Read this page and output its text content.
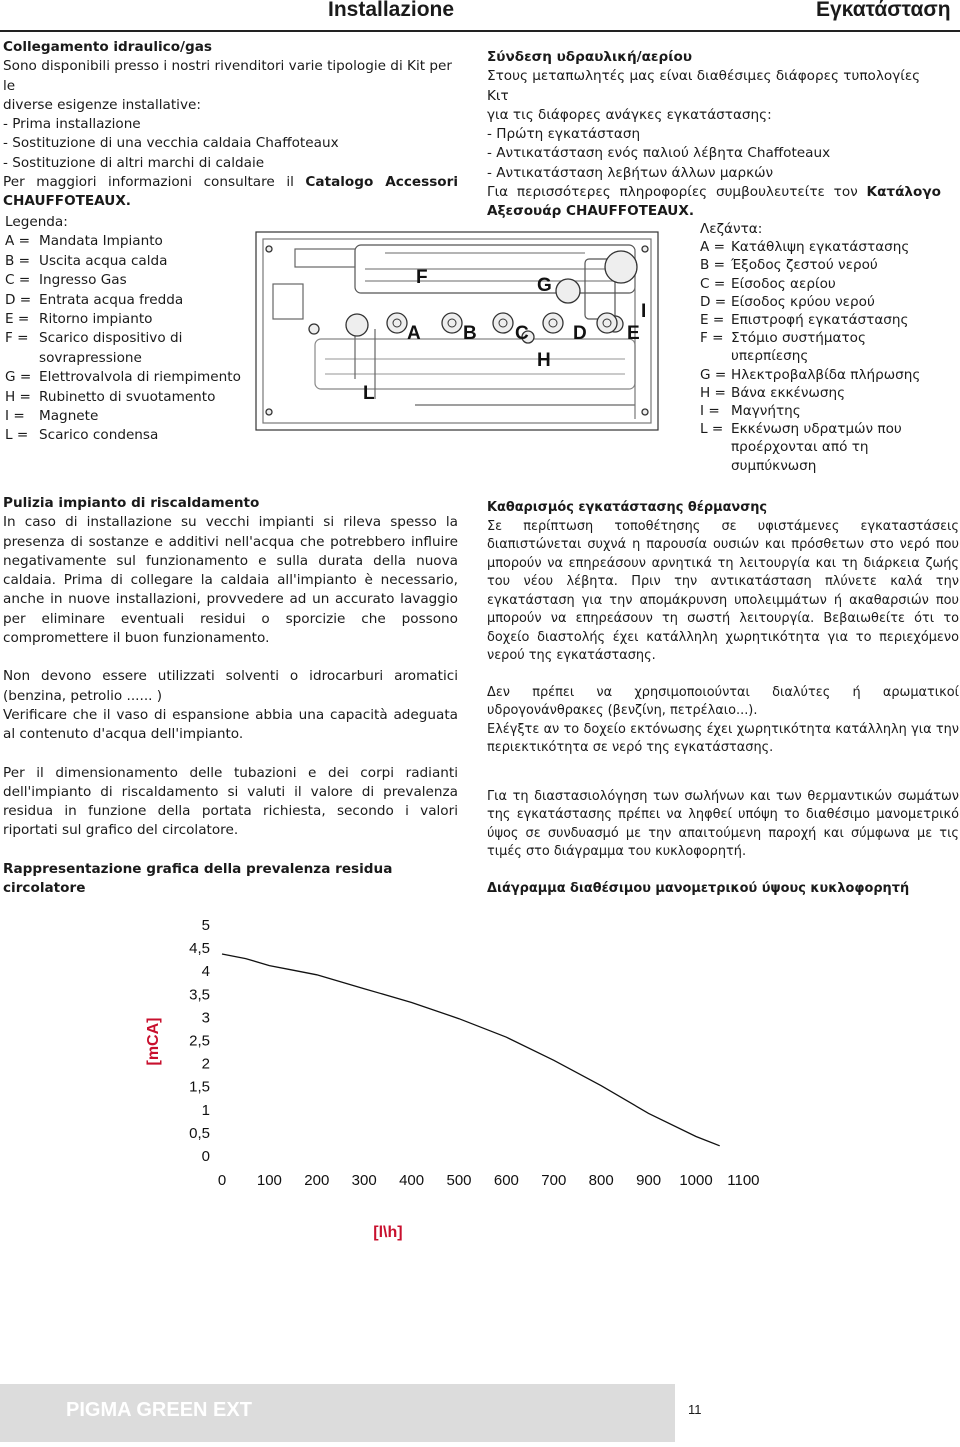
Installazione	Εγκατάσταση
Collegamento idraulico/gas
Sono disponibili presso i nostri rivenditori varie tipologie di Kit per le
diverse esigenze installative:
- Prima installazione
- Sostituzione di una vecchia caldaia Chaffoteaux
- Sostituzione di altri marchi di caldaie
Per maggiori informazioni consultare il Catalogo Accessori CHAUFFOTEAUX.
Σύνδεση υδραυλική/αερίου
Στους μεταπωλητές μας είναι διαθέσιμες διάφορες τυπολογίες Κιτ
για τις διάφορες ανάγκες εγκατάστασης:
- Πρώτη εγκατάσταση
- Αντικατάσταση ενός παλιού λέβητα Chaffoteaux
- Αντικατάσταση λεβήτων άλλων μαρκών
Για περισσότερες πληροφορίες συμβουλευτείτε τον Κατάλογο Αξεσουάρ CHAUFFOTEAUX.
Legenda:
A = Mandata Impianto
B = Uscita acqua calda
C = Ingresso Gas
D = Entrata acqua fredda
E = Ritorno impianto
F = Scarico dispositivo di sovrapressione
G = Elettrovalvola di riempimento
H = Rubinetto di svuotamento
I =	Magnete
L = Scarico condensa
F	G
I
A B C D E
H
L
Λεζάντα:
A = Κατάθλιψη εγκατάστασης
B = Έξοδος ζεστού νερού
C = Είσοδος αερίου
D = Είσοδος κρύου νερού
E = Επιστροφή εγκατάστασης
F = Στόμιο συστήματος υπερπίεσης
G = Ηλεκτροβαλβίδα πλήρωσης
H = Βάνα εκκένωσης
I = Μαγνήτης
L = Εκκένωση υδρατμών που προέρχονται από τη συμπύκνωση
Pulizia impianto di riscaldamento
In caso di installazione su vecchi impianti si rileva spesso la presenza di sostanze e additivi nell'acqua che potrebbero influire negativamente sul funzionamento e sulla durata della nuova caldaia. Prima di collegare la caldaia all'impianto è necessario, anche in nuove installazioni, provvedere ad un accurato lavaggio per eliminare eventuali residui o sporcizie che possono compromettere il buon funzionamento.
Non devono essere utilizzati solventi o idrocarburi aromatici (benzina, petrolio ...... )
Verificare che il vaso di espansione abbia una capacità adeguata al contenuto d'acqua dell'impianto.
Per il dimensionamento delle tubazioni e dei corpi radianti dell'impianto di riscaldamento si valuti il valore di prevalenza residua in funzione della portata richiesta, secondo i valori riportati sul grafico del circolatore.
Rappresentazione grafica della prevalenza residua circolatore
Καθαρισμός εγκατάστασης θέρμανσης
Σε περίπτωση τοποθέτησης σε υφιστάμενες εγκαταστάσεις διαπιστώνεται συχνά η παρουσία ουσιών και πρόσθετων στο νερό που μπορούν να επηρεάσουν αρνητικά τη λειτουργία και τη διάρκεια ζωής του νέου λέβητα. Πριν την αντικατάσταση πλύνετε καλά την εγκατάσταση για την απομάκρυνση υπολειμμάτων ή ακαθαρσιών που μπορούν να επηρεάσουν τη σωστή λειτουργία. Βεβαιωθείτε ότι το δοχείο διαστολής έχει κατάλληλη χωρητικότητα για το περιεχόμενο νερού της εγκατάστασης.
Δεν πρέπει να χρησιμοποιούνται διαλύτες ή αρωματικοί υδρογονάνθρακες (βενζίνη, πετρέλαιο...).
Ελέγξτε αν το δοχείο εκτόνωσης έχει χωρητικότητα κατάλληλη για την περιεκτικότητα σε νερό της εγκατάστασης.
Για τη διαστασιολόγηση των σωλήνων και των θερμαντικών σωμάτων της εγκατάστασης πρέπει να ληφθεί υπόψη το διαθέσιμο μανομετρικό ύψος σε συνδυασμό με την απαιτούμενη παροχή και σύμφωνα με τις τιμές στο διάγραμμα του κυκλοφορητή.
Διάγραμμα διαθέσιμου μανομετρικού ύψους κυκλοφορητή
0
0,5
1
1,5
2
2,5
3
3,5
4
4,5
5
0 100 200 300 400 500 600 700 800 900 1000 1100
[mCA]
[l\h]
PIGMA GREEN EXT	11
